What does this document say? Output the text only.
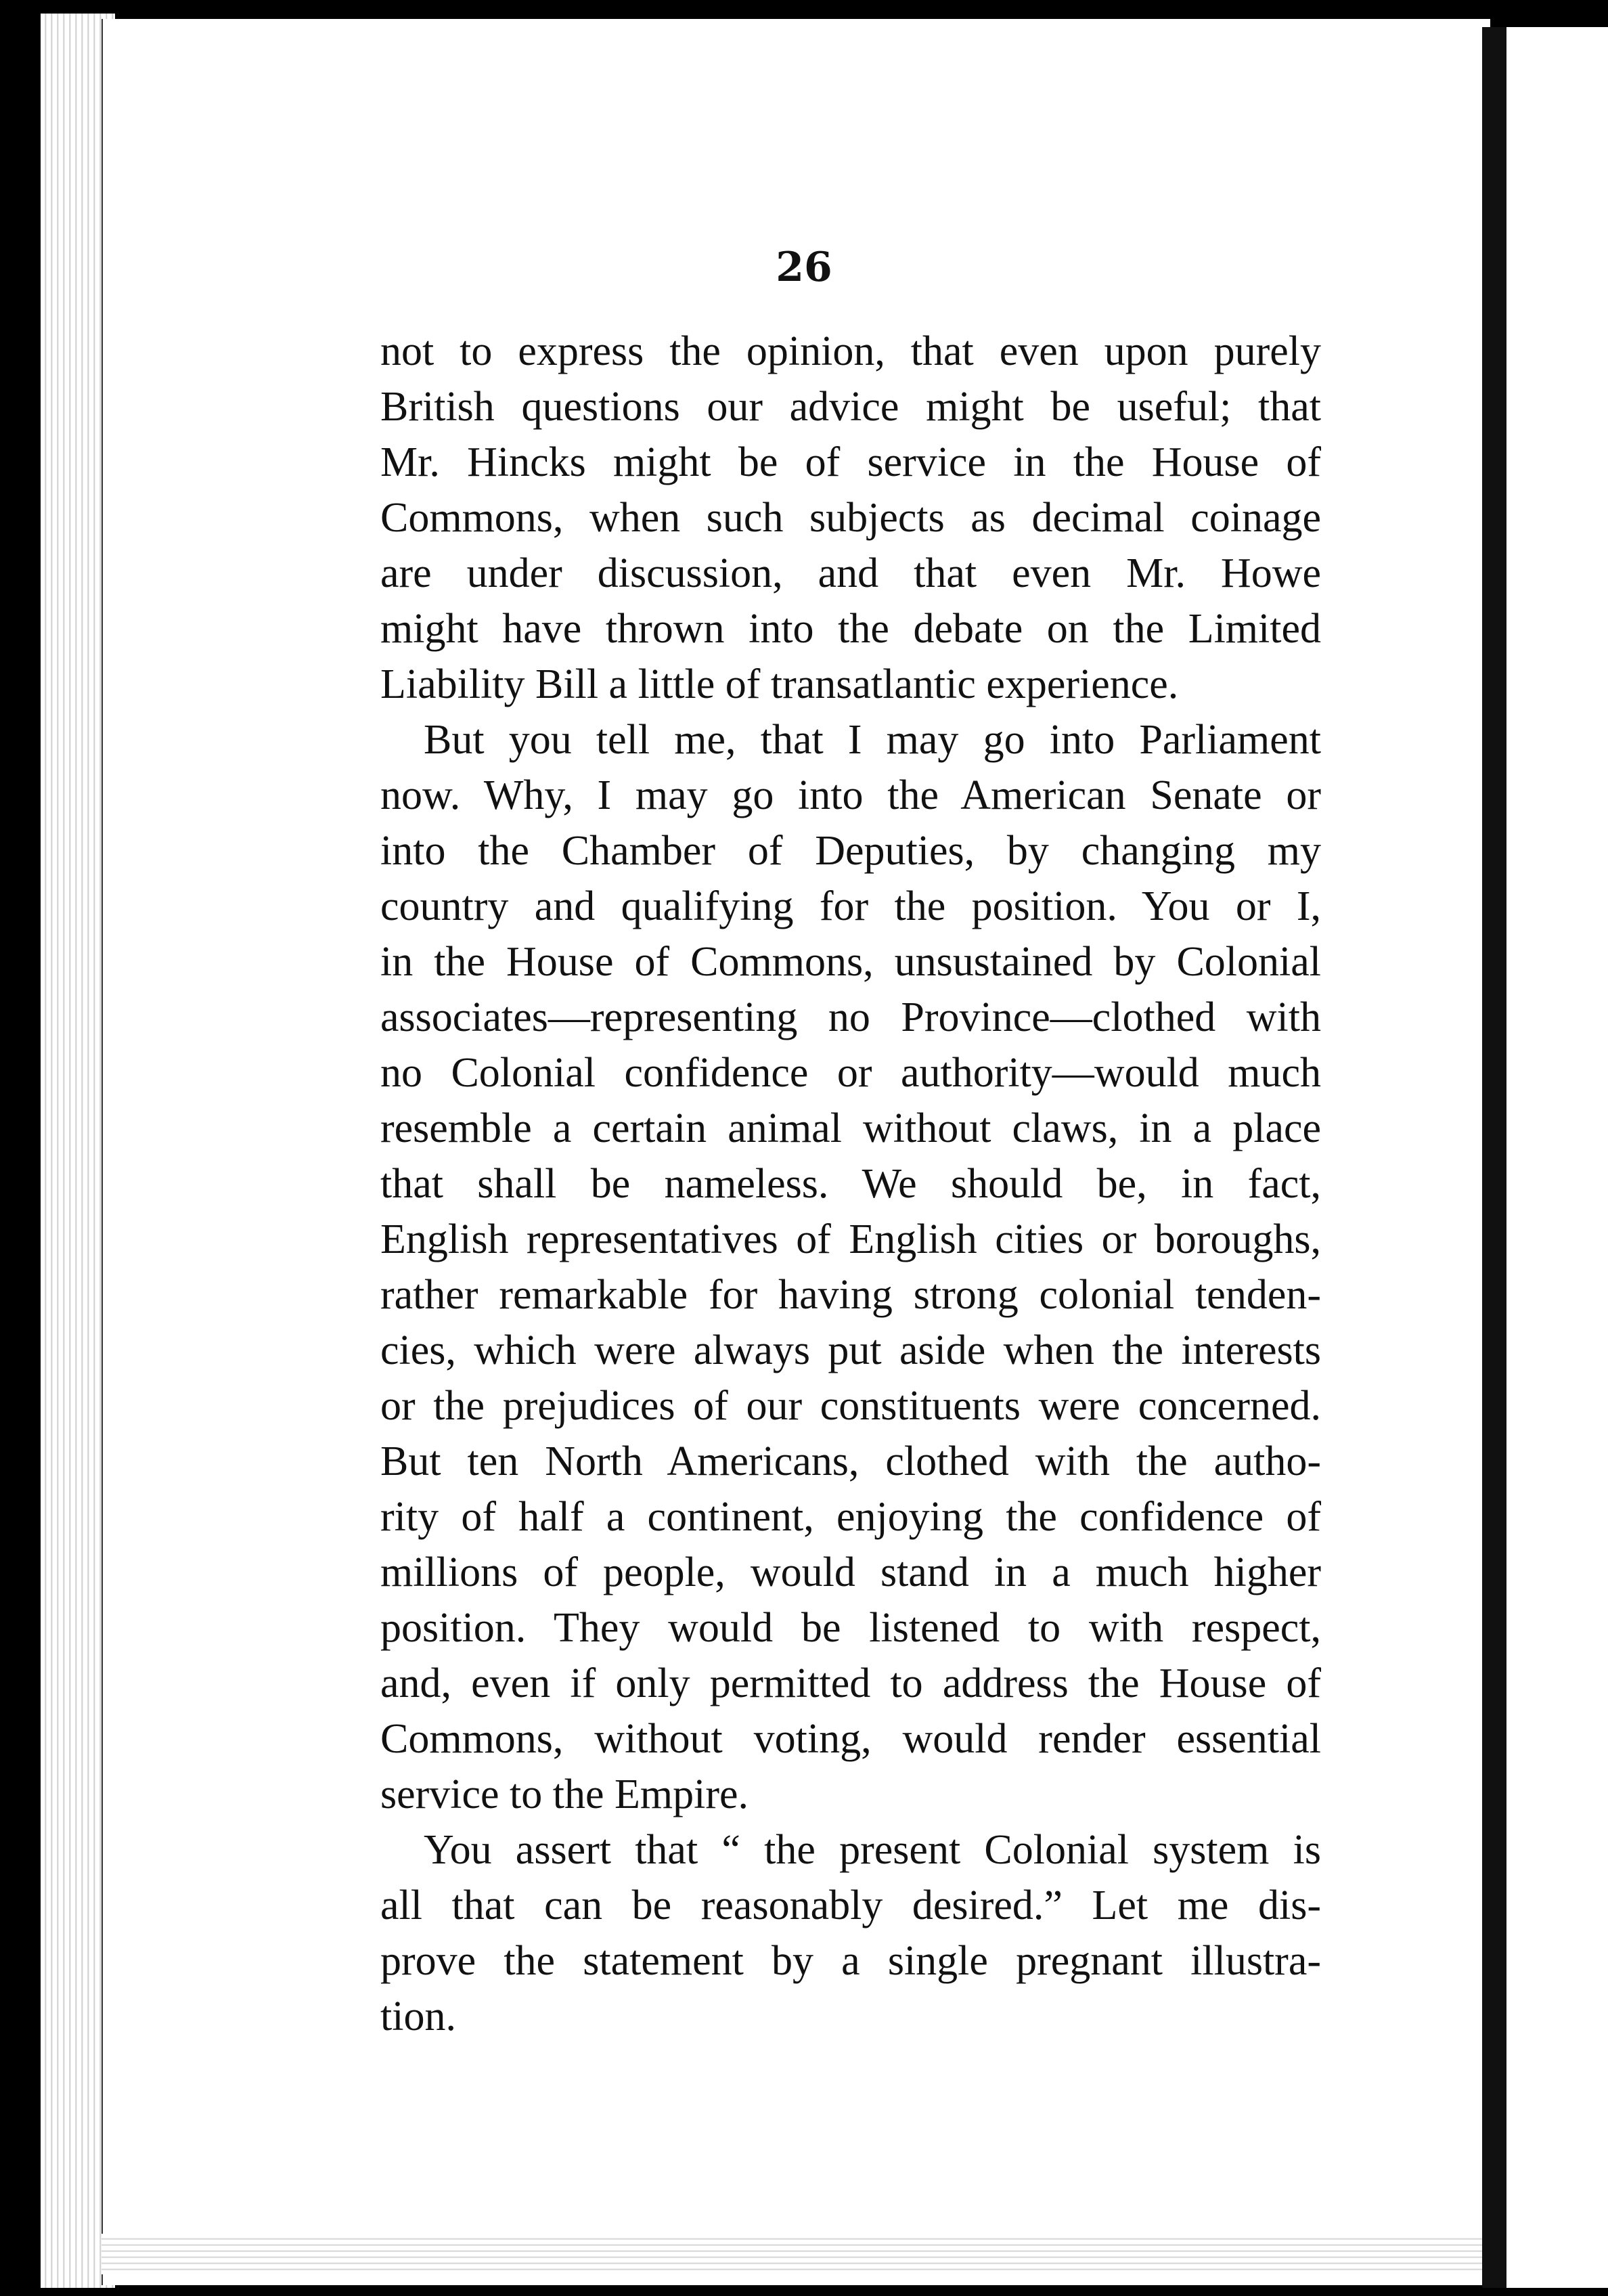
26
not to express the opinion, that even upon purely
British questions our advice might be useful; that
Mr. Hincks might be of service in the House of
Commons, when such subjects as decimal coinage
are under discussion, and that even Mr. Howe
might have thrown into the debate on the Limited
Liability Bill a little of transatlantic experience.
But you tell me, that I may go into Parliament
now. Why, I may go into the American Senate or
into the Chamber of Deputies, by changing my
country and qualifying for the position. You or I,
in the House of Commons, unsustained by Colonial
associates—representing no Province—clothed with
no Colonial confidence or authority—would much
resemble a certain animal without claws, in a place
that shall be nameless. We should be, in fact,
English representatives of English cities or boroughs,
rather remarkable for having strong colonial tenden-
cies, which were always put aside when the interests
or the prejudices of our constituents were concerned.
But ten North Americans, clothed with the autho-
rity of half a continent, enjoying the confidence of
millions of people, would stand in a much higher
position. They would be listened to with respect,
and, even if only permitted to address the House of
Commons, without voting, would render essential
service to the Empire.
You assert that “ the present Colonial system is
all that can be reasonably desired.” Let me dis-
prove the statement by a single pregnant illustra-
tion.
